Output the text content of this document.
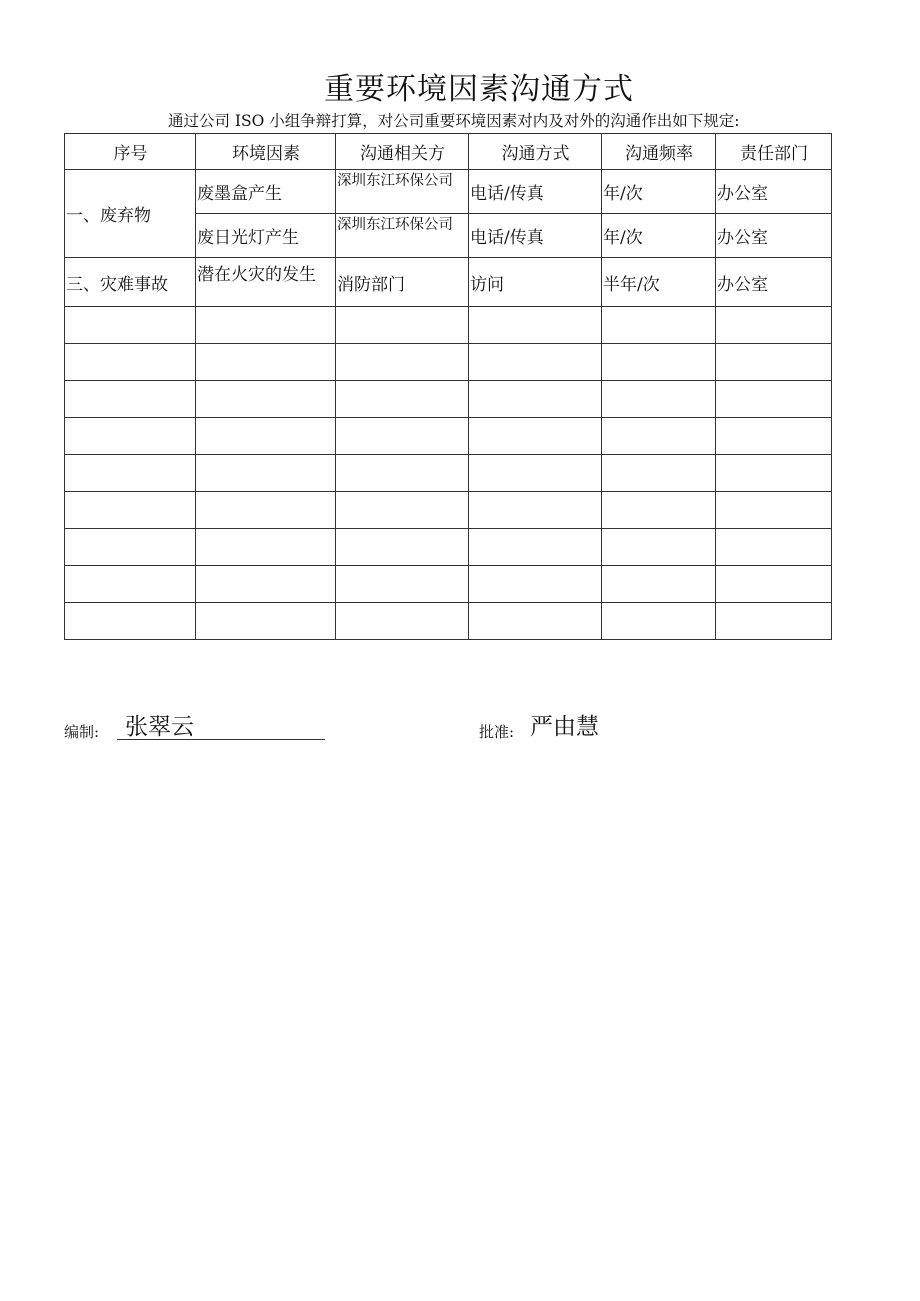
重要环境因素沟通方式
通过公司 ISO 小组争辩打算，对公司重要环境因素对内及对外的沟通作出如下规定:
序号	环境因素	沟通相关方	沟通方式	沟通频率	责任部门
一、废弃物	废墨盒产生	深圳东江环保公司	电话/传真	年/次	办公室
	废日光灯产生	深圳东江环保公司	电话/传真	年/次	办公室
三、灾难事故	潜在火灾的发生	消防部门	访问	半年/次	办公室

编制: 张翠云	批准: 严由慧
